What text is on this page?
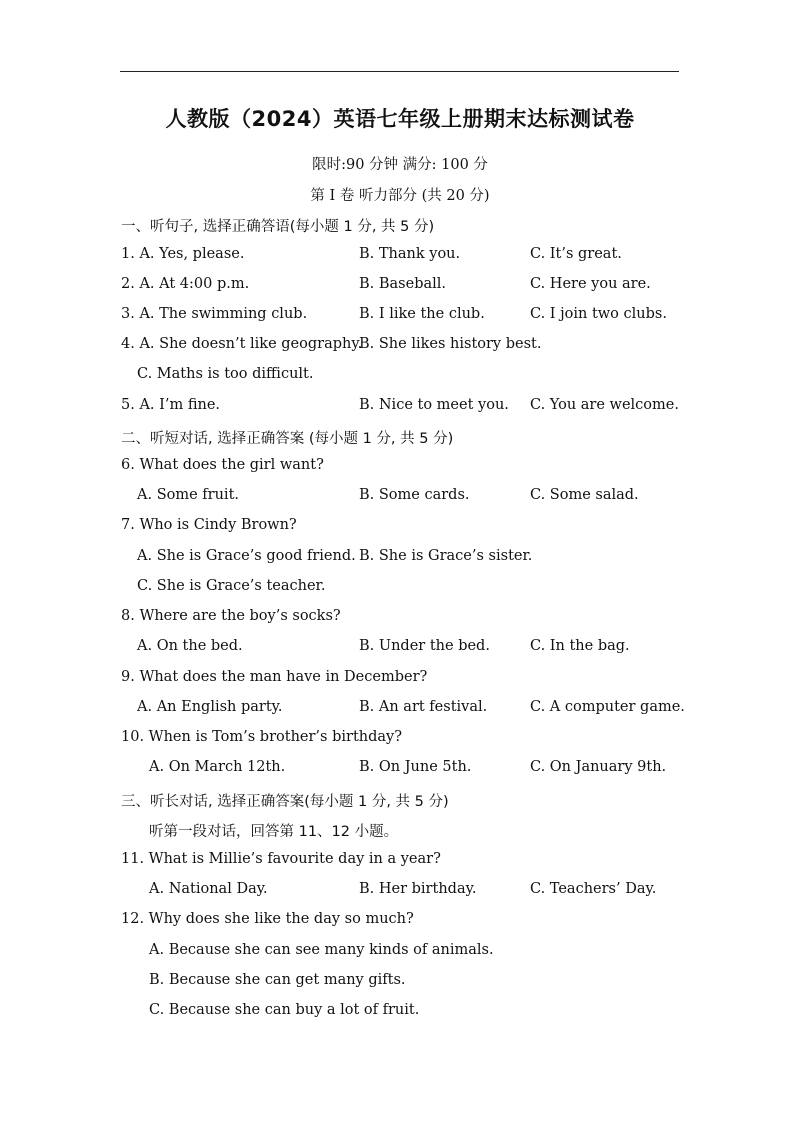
人教版（2024）英语七年级上册期末达标测试卷
限时:90 分钟 满分: 100 分
第 I 卷 听力部分 (共 20 分)
一、听句子, 选择正确答语(每小题 1 分, 共 5 分)
1. A. Yes, please.	B. Thank you.	C. It’s great.
2. A. At 4:00 p.m.	B. Baseball.	C. Here you are.
3. A. The swimming club.	B. I like the club.	C. I join two clubs.
4. A. She doesn’t like geography.
B. She likes history best.
C. Maths is too difficult.
5. A. I’m fine.	B. Nice to meet you. C. You are welcome.
二、听短对话, 选择正确答案 (每小题 1 分, 共 5 分)
6. What does the girl want?
A. Some fruit.	B. Some cards.	C. Some salad.
7. Who is Cindy Brown?
A. She is Grace’s good friend. B. She is Grace’s sister.
C. She is Grace’s teacher.
8. Where are the boy’s socks?
A. On the bed.	B. Under the bed.	C. In the bag.
9. What does the man have in December?
A. An English party.	B. An art festival.	C. A computer game.
10. When is Tom’s brother’s birthday?
A. On March 12th.	B. On June 5th.	C. On January 9th.
三、听长对话, 选择正确答案(每小题 1 分, 共 5 分)
听第一段对话，回答第 11、12 小题。
11. What is Millie’s favourite day in a year?
A. National Day.	B. Her birthday.	C. Teachers’ Day.
12. Why does she like the day so much?
A. Because she can see many kinds of animals.
B. Because she can get many gifts.
C. Because she can buy a lot of fruit.
